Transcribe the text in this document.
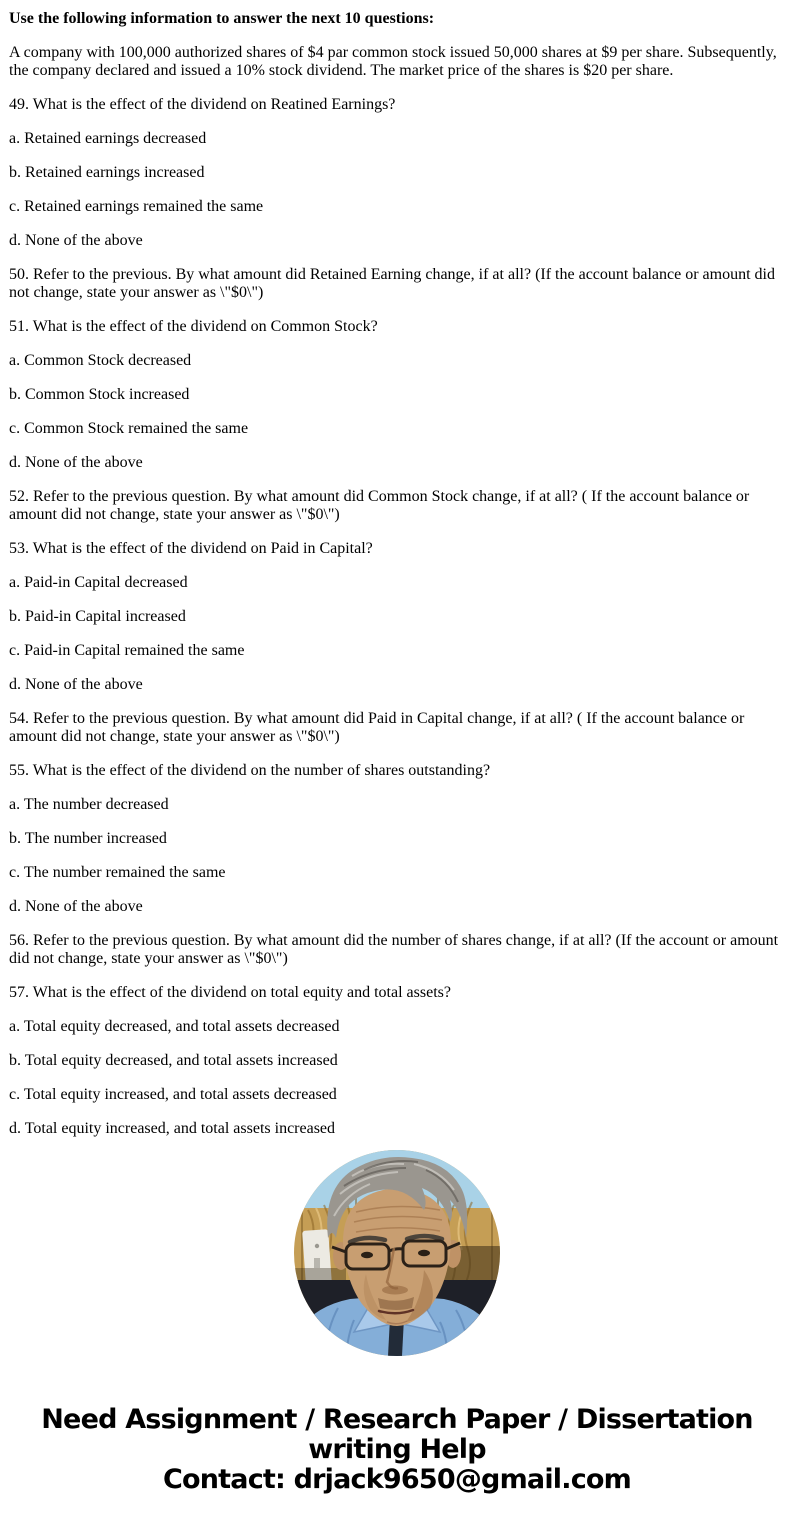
Use the following information to answer the next 10 questions:

A company with 100,000 authorized shares of $4 par common stock issued 50,000 shares at $9 per share. Subsequently, the company declared and issued a 10% stock dividend. The market price of the shares is $20 per share.

49. What is the effect of the dividend on Reatined Earnings?

a. Retained earnings decreased

b. Retained earnings increased

c. Retained earnings remained the same

d. None of the above

50. Refer to the previous. By what amount did Retained Earning change, if at all? (If the account balance or amount did not change, state your answer as \"$0\")

51. What is the effect of the dividend on Common Stock?

a. Common Stock decreased

b. Common Stock increased

c. Common Stock remained the same

d. None of the above

52. Refer to the previous question. By what amount did Common Stock change, if at all? ( If the account balance or amount did not change, state your answer as \"$0\")

53. What is the effect of the dividend on Paid in Capital?

a. Paid-in Capital decreased

b. Paid-in Capital increased

c. Paid-in Capital remained the same

d. None of the above

54. Refer to the previous question. By what amount did Paid in Capital change, if at all? ( If the account balance or amount did not change, state your answer as \"$0\")

55. What is the effect of the dividend on the number of shares outstanding?

a. The number decreased

b. The number increased

c. The number remained the same

d. None of the above

56. Refer to the previous question. By what amount did the number of shares change, if at all? (If the account or amount did not change, state your answer as \"$0\")

57. What is the effect of the dividend on total equity and total assets?

a. Total equity decreased, and total assets decreased

b. Total equity decreased, and total assets increased

c. Total equity increased, and total assets decreased

d. Total equity increased, and total assets increased

Need Assignment / Research Paper / Dissertation
writing Help
Contact: drjack9650@gmail.com
